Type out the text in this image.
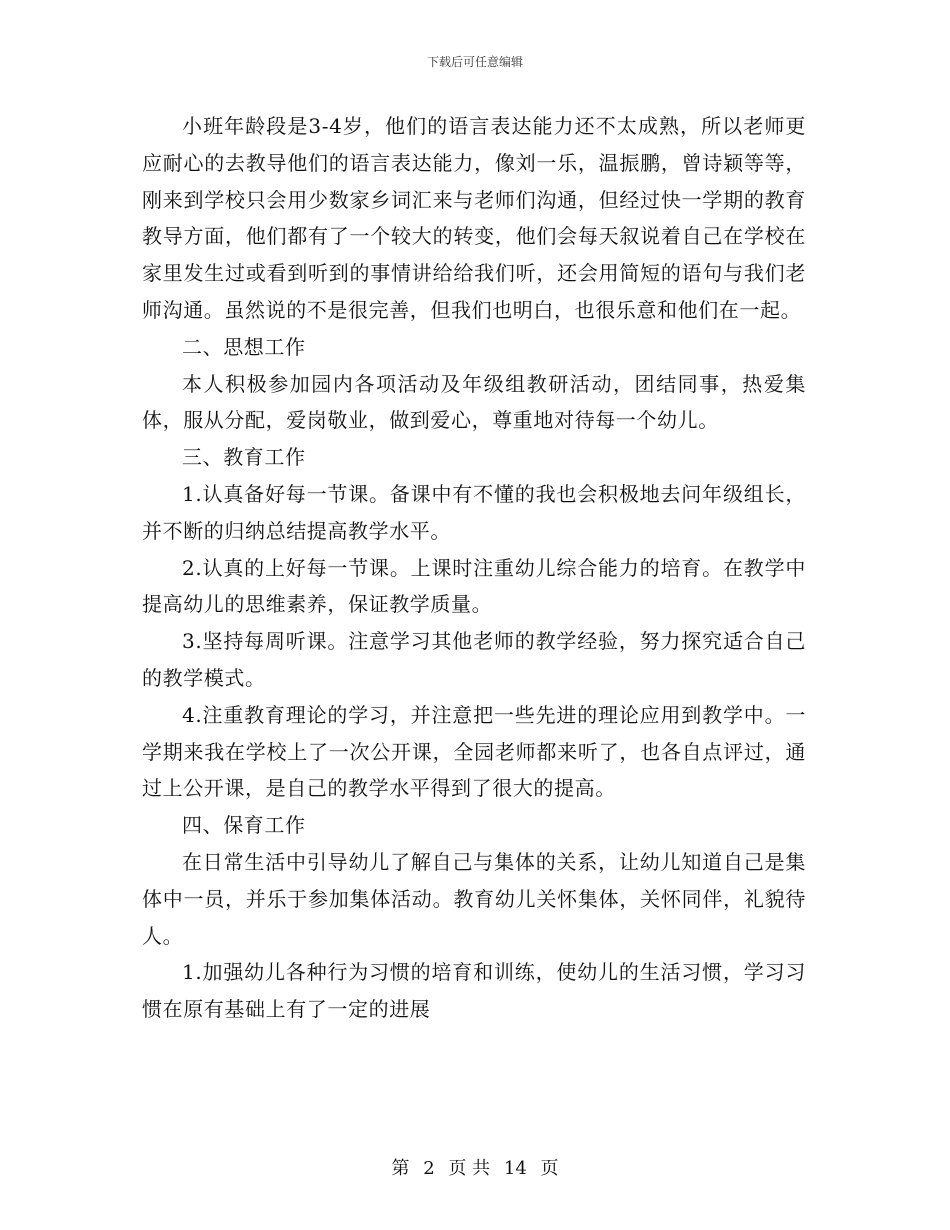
下载后可任意编辑

小班年龄段是3-4岁，他们的语言表达能力还不太成熟，所以老师更应耐心的去教导他们的语言表达能力，像刘一乐，温振鹏，曾诗颖等等，刚来到学校只会用少数家乡词汇来与老师们沟通，但经过快一学期的教育教导方面，他们都有了一个较大的转变，他们会每天叙说着自己在学校在家里发生过或看到听到的事情讲给给我们听，还会用简短的语句与我们老师沟通。虽然说的不是很完善，但我们也明白，也很乐意和他们在一起。

二、思想工作

本人积极参加园内各项活动及年级组教研活动，团结同事，热爱集体，服从分配，爱岗敬业，做到爱心，尊重地对待每一个幼儿。

三、教育工作

1.认真备好每一节课。备课中有不懂的我也会积极地去问年级组长，并不断的归纳总结提高教学水平。

2.认真的上好每一节课。上课时注重幼儿综合能力的培育。在教学中提高幼儿的思维素养，保证教学质量。

3.坚持每周听课。注意学习其他老师的教学经验，努力探究适合自己的教学模式。

4.注重教育理论的学习，并注意把一些先进的理论应用到教学中。一学期来我在学校上了一次公开课，全园老师都来听了，也各自点评过，通过上公开课，是自己的教学水平得到了很大的提高。

四、保育工作

在日常生活中引导幼儿了解自己与集体的关系，让幼儿知道自己是集体中一员，并乐于参加集体活动。教育幼儿关怀集体，关怀同伴，礼貌待人。

1.加强幼儿各种行为习惯的培育和训练，使幼儿的生活习惯，学习习惯在原有基础上有了一定的进展

第 2 页 共 14 页
